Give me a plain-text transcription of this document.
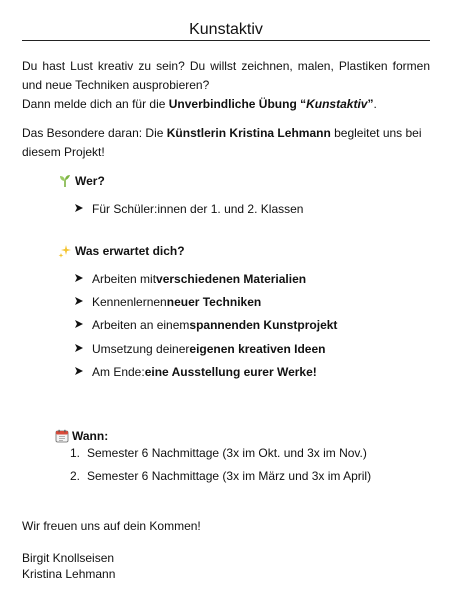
Kunstaktiv
Du hast Lust kreativ zu sein? Du willst zeichnen, malen, Plastiken formen und neue Techniken ausprobieren?
Dann melde dich an für die Unverbindliche Übung “Kunstaktiv”.
Das Besondere daran: Die Künstlerin Kristina Lehmann begleitet uns bei diesem Projekt!
Wer?
Für Schüler:innen der 1. und 2. Klassen
Was erwartet dich?
Arbeiten mit verschiedenen Materialien
Kennenlernen neuer Techniken
Arbeiten an einem spannenden Kunstprojekt
Umsetzung deiner eigenen kreativen Ideen
Am Ende: eine Ausstellung eurer Werke!
Wann:
1. Semester 6 Nachmittage (3x im Okt. und 3x im Nov.)
2. Semester 6 Nachmittage (3x im März und 3x im April)
Wir freuen uns auf dein Kommen!
Birgit Knollseisen
Kristina Lehmann
